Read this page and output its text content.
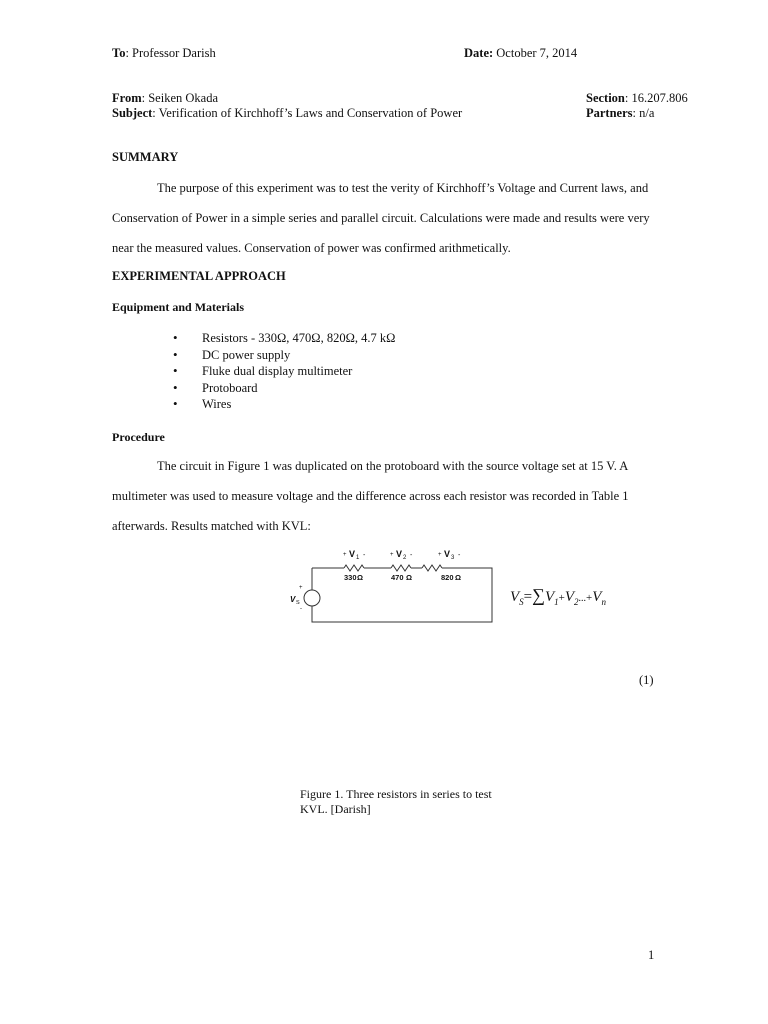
To: Professor Darish	Date: October 7, 2014
From: Seiken Okada	Section: 16.207.806
Subject: Verification of Kirchhoff’s Laws and Conservation of Power	Partners: n/a
SUMMARY
The purpose of this experiment was to test the verity of Kirchhoff’s Voltage and Current laws, and Conservation of Power in a simple series and parallel circuit. Calculations were made and results were very near the measured values. Conservation of power was confirmed arithmetically.
EXPERIMENTAL APPROACH
Equipment and Materials
• Resistors - 330Ω, 470Ω, 820Ω, 4.7 kΩ
• DC power supply
• Fluke dual display multimeter
• Protoboard
• Wires
Procedure
The circuit in Figure 1 was duplicated on the protoboard with the source voltage set at 15 V. A multimeter was used to measure voltage and the difference across each resistor was recorded in Table 1 afterwards. Results matched with KVL:
+ V 1 -	+ V 2 -	+ V 3 -
330 Ω	470 Ω	820 Ω
+
V S
-
$V_S=\sum V_1+V_2...+V_n$
(1)
Figure 1. Three resistors in series to test KVL. [Darish]
1
